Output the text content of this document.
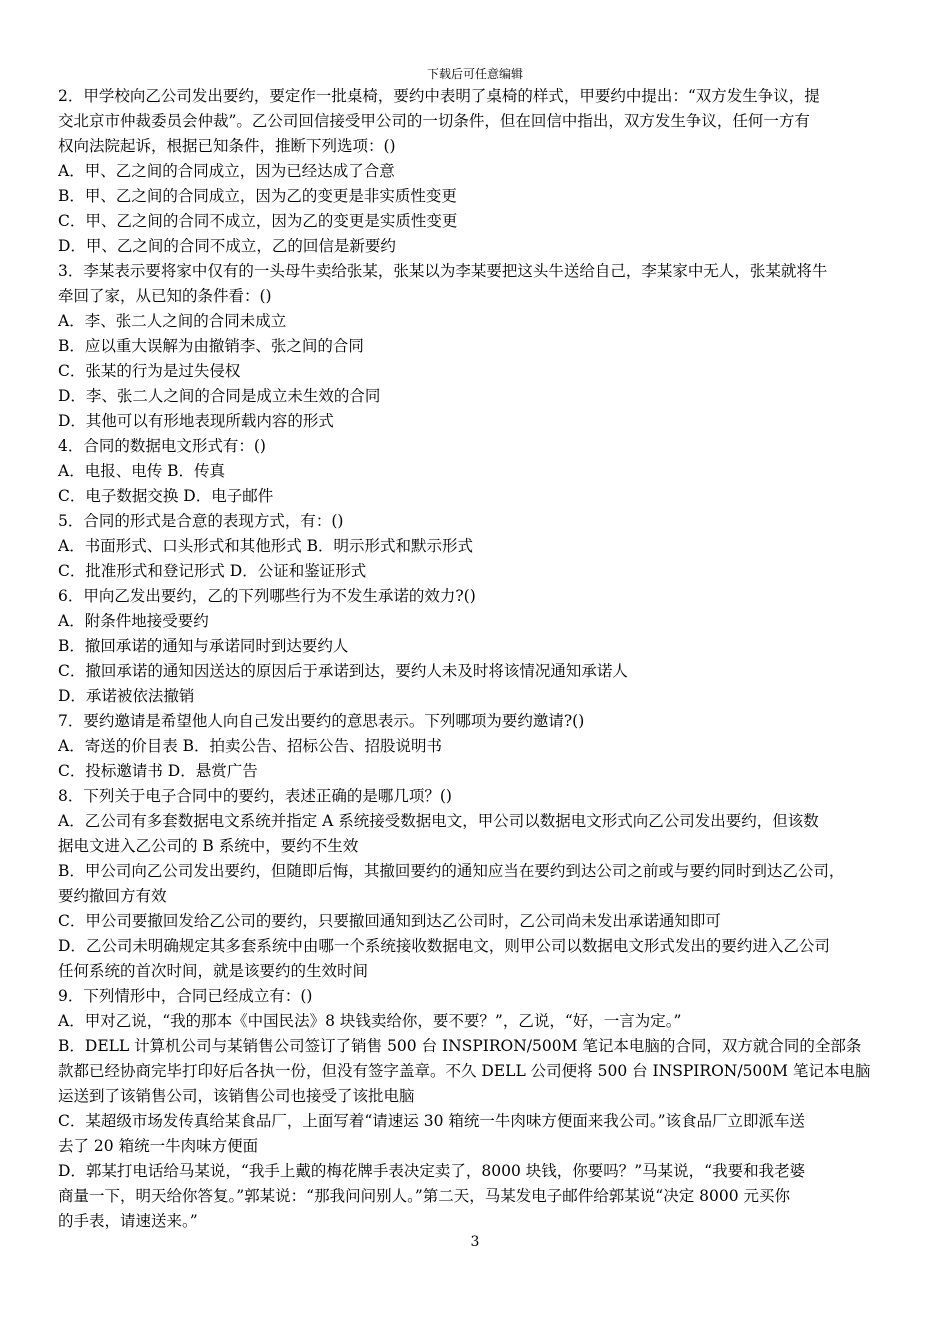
下载后可任意编辑
2．甲学校向乙公司发出要约，要定作一批桌椅，要约中表明了桌椅的样式，甲要约中提出：“双方发生争议，提
交北京市仲裁委员会仲裁”。乙公司回信接受甲公司的一切条件，但在回信中指出，双方发生争议，任何一方有
权向法院起诉，根据已知条件，推断下列选项：()
A．甲、乙之间的合同成立，因为已经达成了合意
B．甲、乙之间的合同成立，因为乙的变更是非实质性变更
C．甲、乙之间的合同不成立，因为乙的变更是实质性变更
D．甲、乙之间的合同不成立，乙的回信是新要约
3．李某表示要将家中仅有的一头母牛卖给张某，张某以为李某要把这头牛送给自己，李某家中无人，张某就将牛
牵回了家，从已知的条件看：()
A．李、张二人之间的合同未成立
B．应以重大误解为由撤销李、张之间的合同
C．张某的行为是过失侵权
D．李、张二人之间的合同是成立未生效的合同
D．其他可以有形地表现所载内容的形式
4．合同的数据电文形式有：()
A．电报、电传 B．传真
C．电子数据交换 D．电子邮件
5．合同的形式是合意的表现方式，有：()
A．书面形式、口头形式和其他形式 B．明示形式和默示形式
C．批准形式和登记形式 D．公证和鉴证形式
6．甲向乙发出要约，乙的下列哪些行为不发生承诺的效力?()
A．附条件地接受要约
B．撤回承诺的通知与承诺同时到达要约人
C．撤回承诺的通知因送达的原因后于承诺到达，要约人未及时将该情况通知承诺人
D．承诺被依法撤销
7．要约邀请是希望他人向自己发出要约的意思表示。下列哪项为要约邀请?()
A．寄送的价目表 B．拍卖公告、招标公告、招股说明书
C．投标邀请书 D．悬赏广告
8．下列关于电子合同中的要约，表述正确的是哪几项？()
A．乙公司有多套数据电文系统并指定 A 系统接受数据电文，甲公司以数据电文形式向乙公司发出要约，但该数
据电文进入乙公司的 B 系统中，要约不生效
B．甲公司向乙公司发出要约，但随即后悔，其撤回要约的通知应当在要约到达公司之前或与要约同时到达乙公司，
要约撤回方有效
C．甲公司要撤回发给乙公司的要约，只要撤回通知到达乙公司时，乙公司尚未发出承诺通知即可
D．乙公司未明确规定其多套系统中由哪一个系统接收数据电文，则甲公司以数据电文形式发出的要约进入乙公司
任何系统的首次时间，就是该要约的生效时间
9．下列情形中，合同已经成立有：()
A．甲对乙说，“我的那本《中国民法》8 块钱卖给你，要不要？”，乙说，“好，一言为定。”
B．DELL 计算机公司与某销售公司签订了销售 500 台 INSPIRON/500M 笔记本电脑的合同，双方就合同的全部条
款都已经协商完毕打印好后各执一份，但没有签字盖章。不久 DELL 公司便将 500 台 INSPIRON/500M 笔记本电脑
运送到了该销售公司，该销售公司也接受了该批电脑
C．某超级市场发传真给某食品厂，上面写着“请速运 30 箱统一牛肉味方便面来我公司。”该食品厂立即派车送
去了 20 箱统一牛肉味方便面
D．郭某打电话给马某说，“我手上戴的梅花牌手表决定卖了，8000 块钱，你要吗？”马某说，“我要和我老婆
商量一下，明天给你答复。”郭某说：“那我问问别人。”第二天，马某发电子邮件给郭某说“决定 8000 元买你
的手表，请速送来。”
3
